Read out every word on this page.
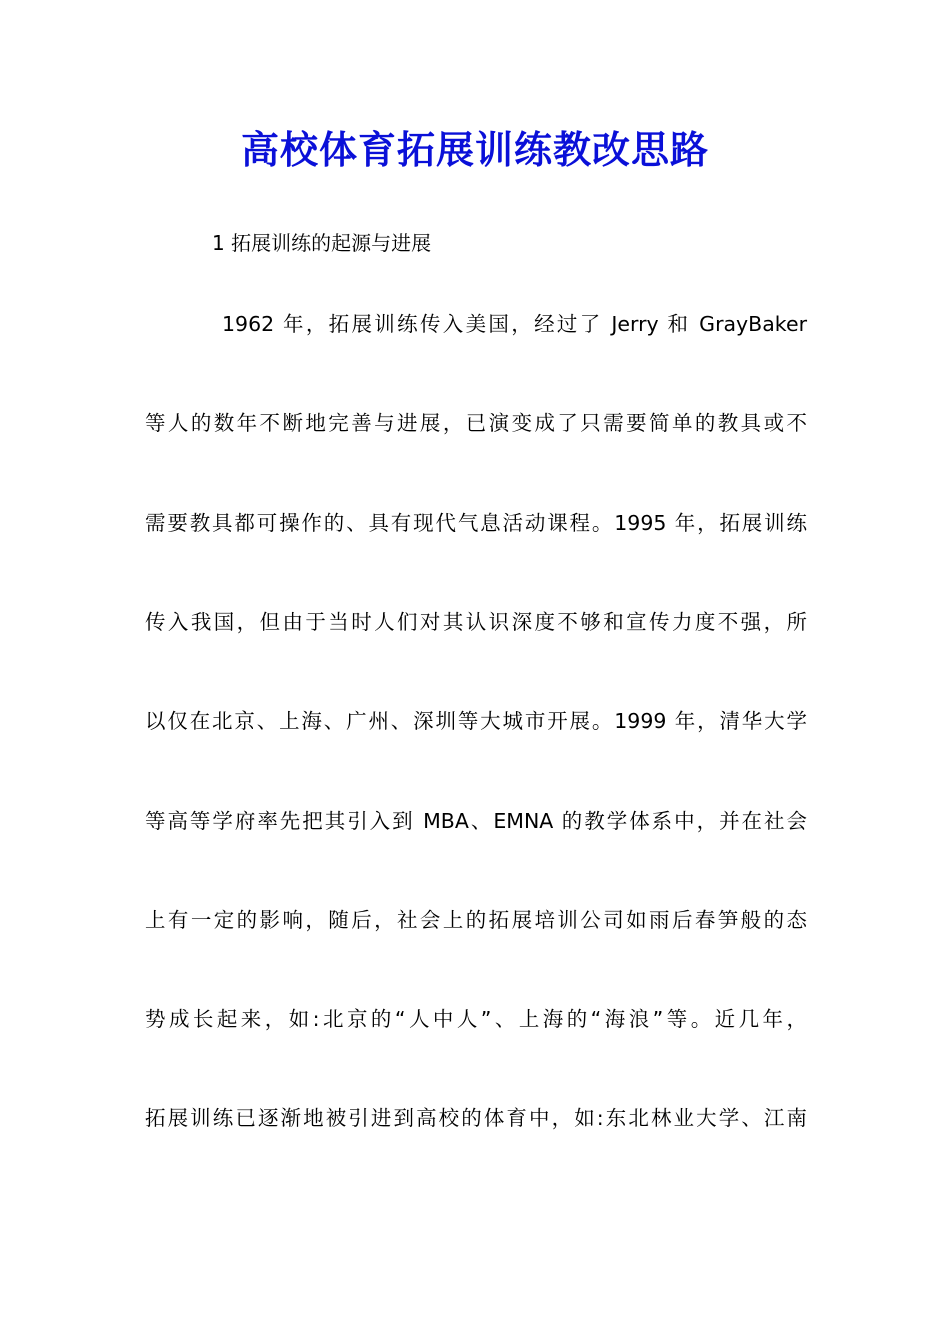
高校体育拓展训练教改思路
1 拓展训练的起源与进展
1962 年，拓展训练传入美国，经过了 Jerry 和 GrayBaker
等人的数年不断地完善与进展，已演变成了只需要简单的教具或不
需要教具都可操作的、具有现代气息活动课程。1995 年，拓展训练
传入我国，但由于当时人们对其认识深度不够和宣传力度不强，所
以仅在北京、上海、广州、深圳等大城市开展。1999 年，清华大学
等高等学府率先把其引入到 MBA、EMNA 的教学体系中，并在社会
上有一定的影响，随后，社会上的拓展培训公司如雨后春笋般的态
势成长起来，如:北京的“人中人”、上海的“海浪”等。近几年，
拓展训练已逐渐地被引进到高校的体育中，如:东北林业大学、江南
